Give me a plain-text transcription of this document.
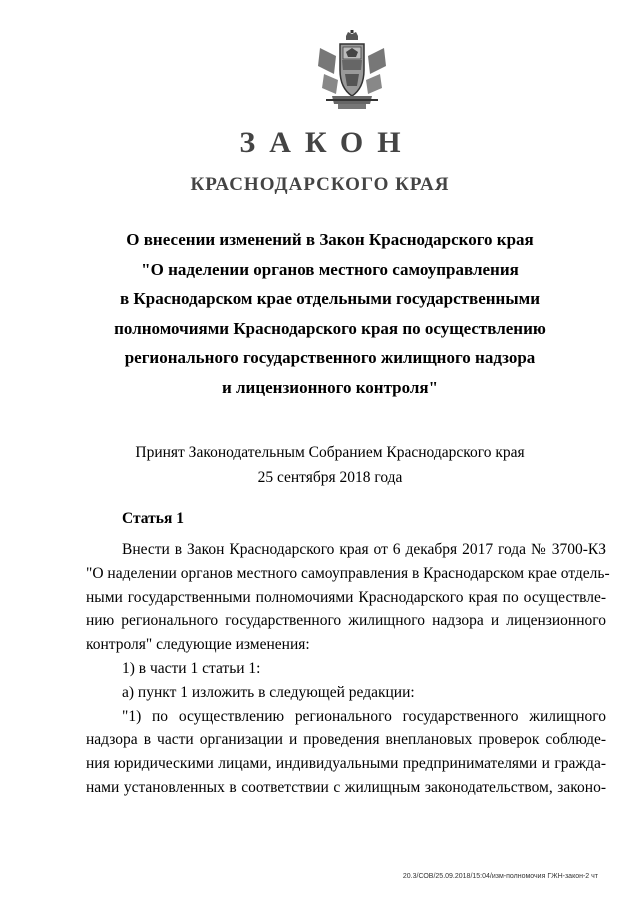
ЗАКОН
КРАСНОДАРСКОГО КРАЯ
О внесении изменений в Закон Краснодарского края
"О наделении органов местного самоуправления
в Краснодарском крае отдельными государственными
полномочиями Краснодарского края по осуществлению
регионального государственного жилищного надзора
и лицензионного контроля"
Принят Законодательным Собранием Краснодарского края
25 сентября 2018 года
Статья 1
Внести в Закон Краснодарского края от 6 декабря 2017 года № 3700-КЗ
"О наделении органов местного самоуправления в Краснодарском крае отдель-
ными государственными полномочиями Краснодарского края по осуществле-
нию регионального государственного жилищного надзора и лицензионного
контроля" следующие изменения:
1) в части 1 статьи 1:
а) пункт 1 изложить в следующей редакции:
"1) по осуществлению регионального государственного жилищного
надзора в части организации и проведения внеплановых проверок соблюде-
ния юридическими лицами, индивидуальными предпринимателями и гражда-
нами установленных в соответствии с жилищным законодательством, законо-
20.3/СОВ/25.09.2018/15:04/изм-полномочия ГЖН-закон-2 чт
